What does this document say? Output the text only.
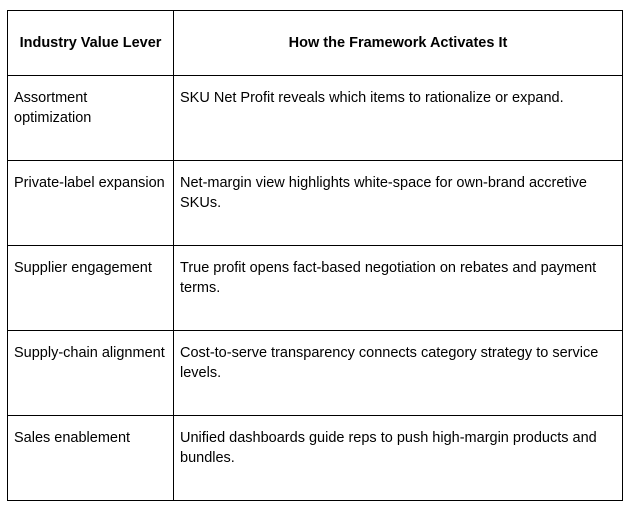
Industry Value Lever	How the Framework Activates It
Assortment optimization	SKU Net Profit reveals which items to rationalize or expand.
Private-label expansion	Net-margin view highlights white-space for own-brand accretive SKUs.
Supplier engagement	True profit opens fact-based negotiation on rebates and payment terms.
Supply-chain alignment	Cost-to-serve transparency connects category strategy to service levels.
Sales enablement	Unified dashboards guide reps to push high-margin products and bundles.
